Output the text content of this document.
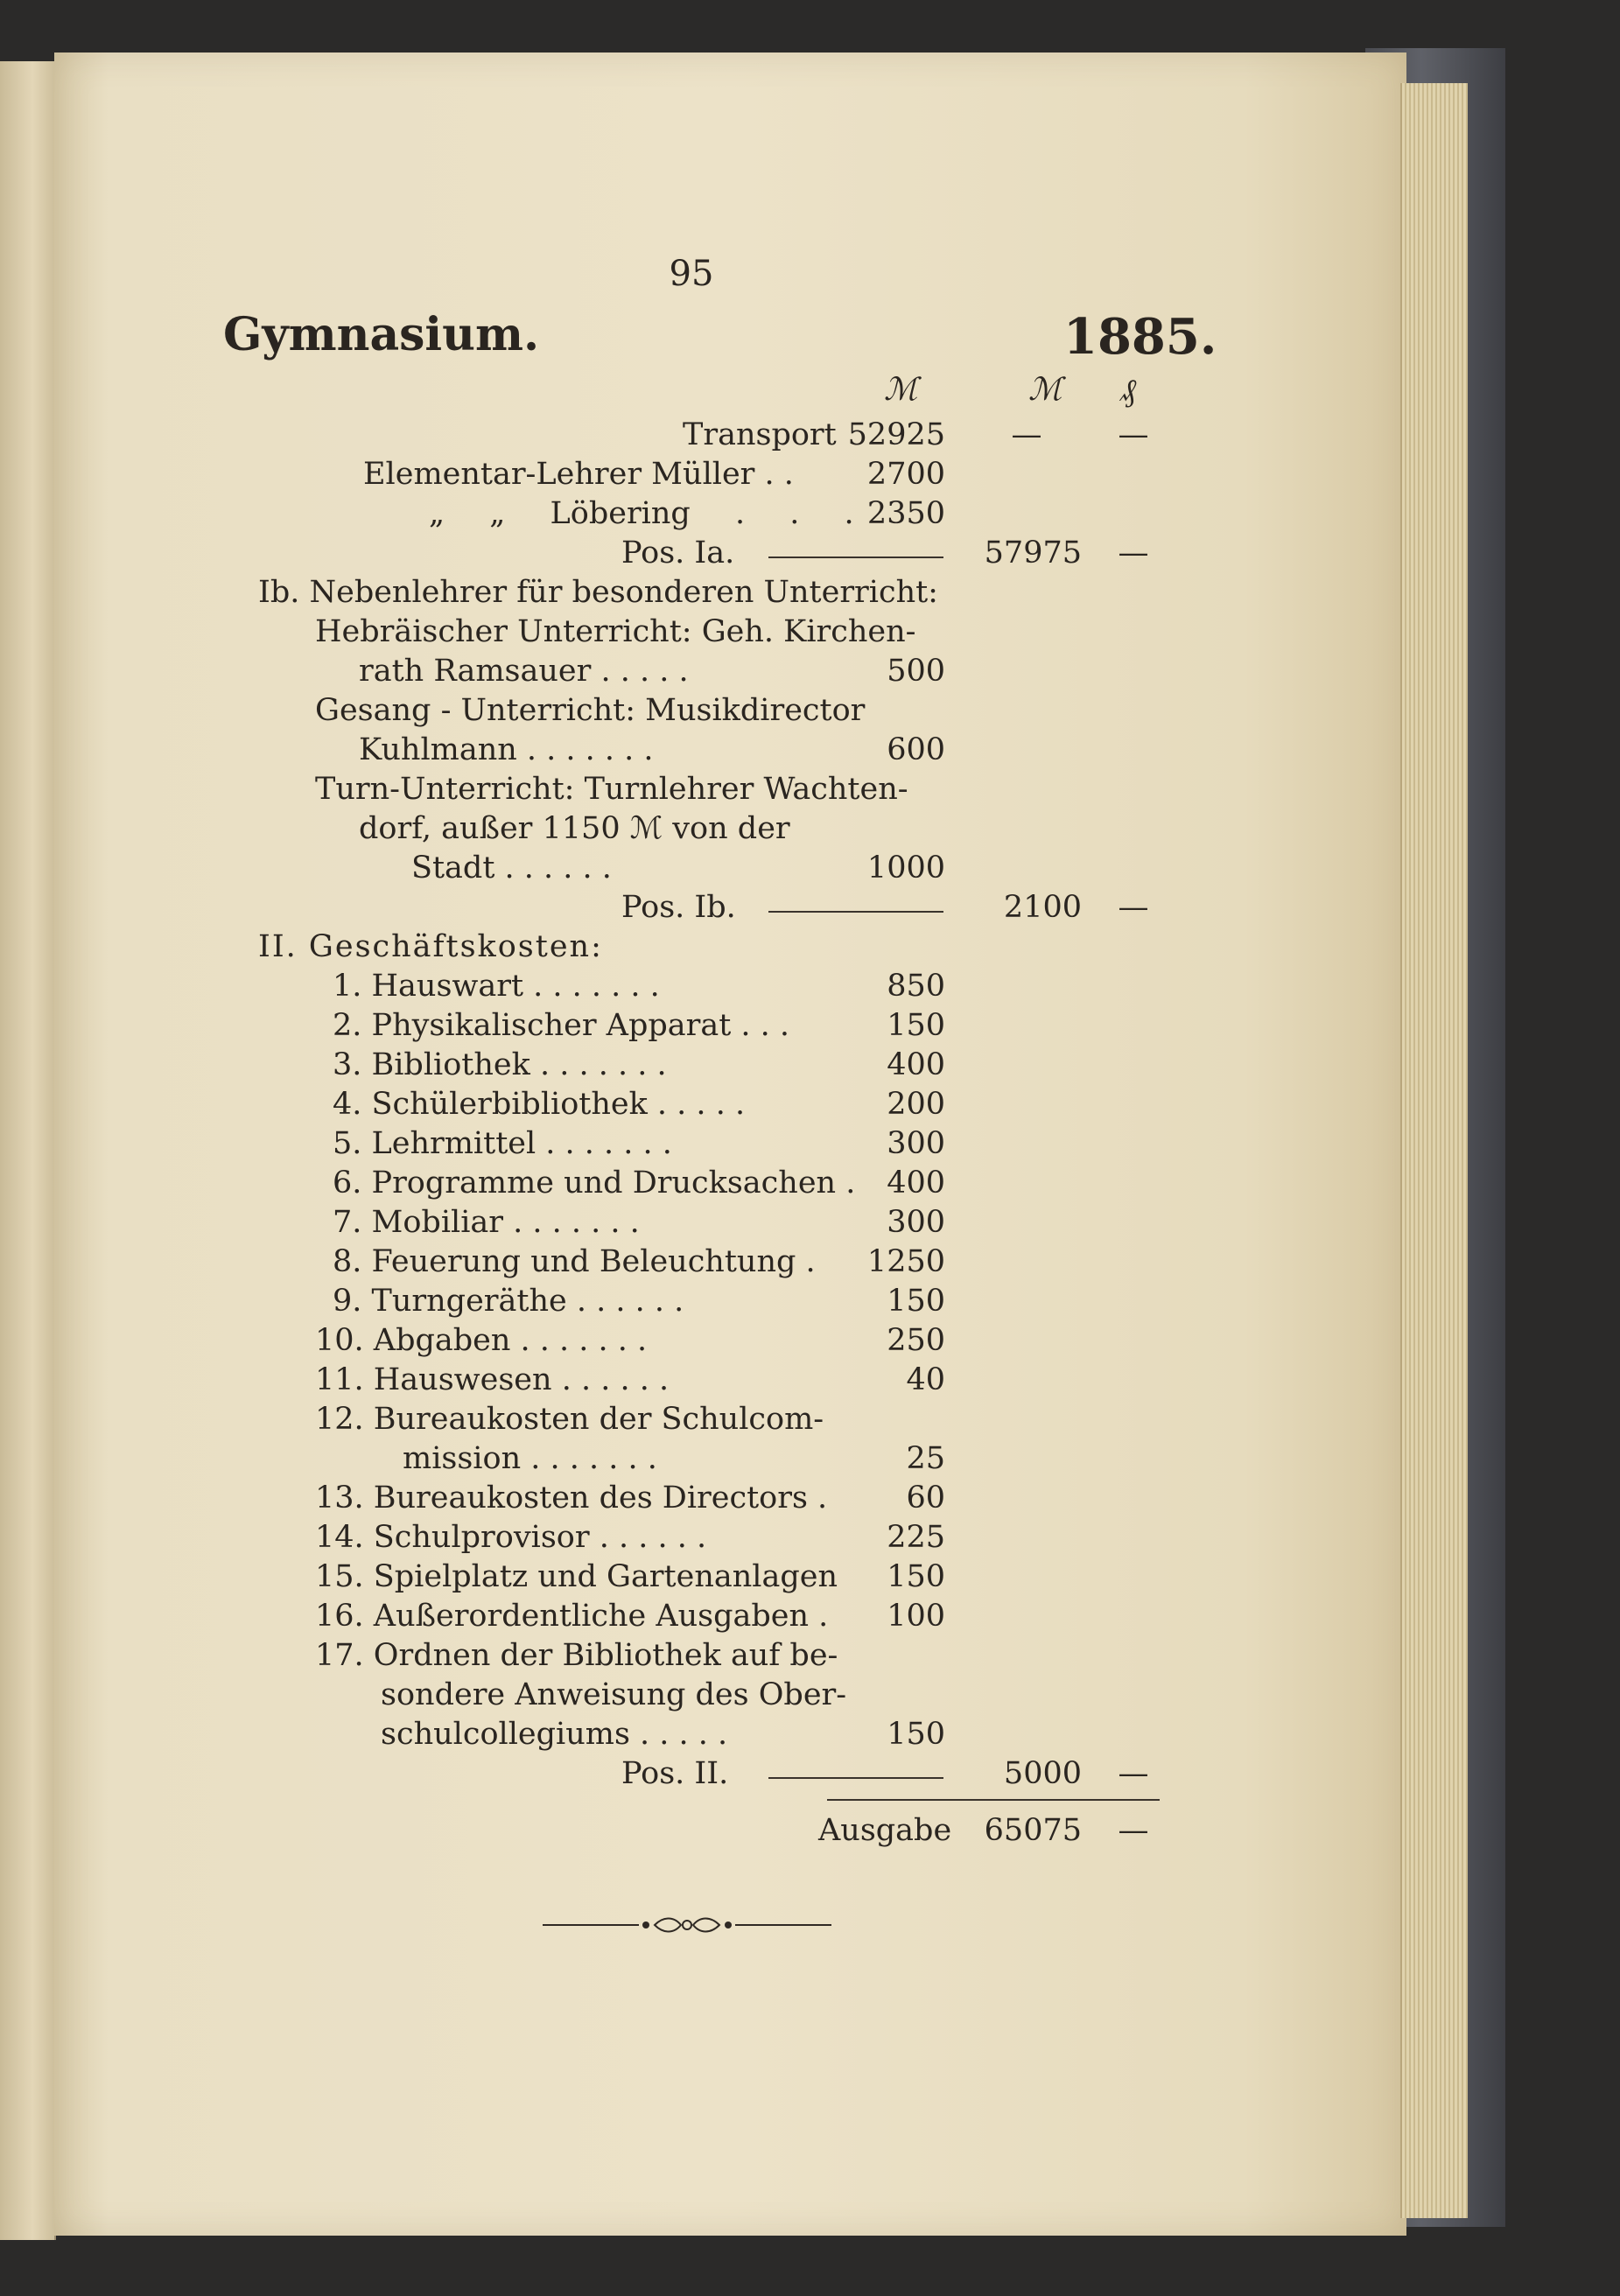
95
Gymnasium.	1885.
ℳ	ℳ ₰
Transport 52925	—	—
Elementar-Lehrer Müller . .	2700
„ „ Löbering . . . 2350
Pos. Ia.	57975	—
Ib. Nebenlehrer für besonderen Unterricht:
Hebräischer Unterricht: Geh. Kirchen-
rath Ramsauer . . . . .	500
Gesang - Unterricht: Musikdirector
Kuhlmann . . . . . . .	600
Turn-Unterricht: Turnlehrer Wachten-
dorf, außer 1150 ℳ von der
Stadt . . . . . .	1000
Pos. Ib.	2100	—
II. Geschäftskosten:
1. Hauswart . . . . . . .	850
2. Physikalischer Apparat . . .	150
3. Bibliothek . . . . . . .	400
4. Schülerbibliothek . . . . .	200
5. Lehrmittel . . . . . . .	300
6. Programme und Drucksachen .	400
7. Mobiliar . . . . . . .	300
8. Feuerung und Beleuchtung .	1250
9. Turngeräthe . . . . . .	150
10. Abgaben . . . . . . .	250
11. Hauswesen . . . . . .	40
12. Bureaukosten der Schulcom-
mission . . . . . . .	25
13. Bureaukosten des Directors .	60
14. Schulprovisor . . . . . .	225
15. Spielplatz und Gartenanlagen	150
16. Außerordentliche Ausgaben .	100
17. Ordnen der Bibliothek auf be-
sondere Anweisung des Ober-
schulcollegiums . . . . .	150
Pos. II.	5000	—
Ausgabe	65075	—
